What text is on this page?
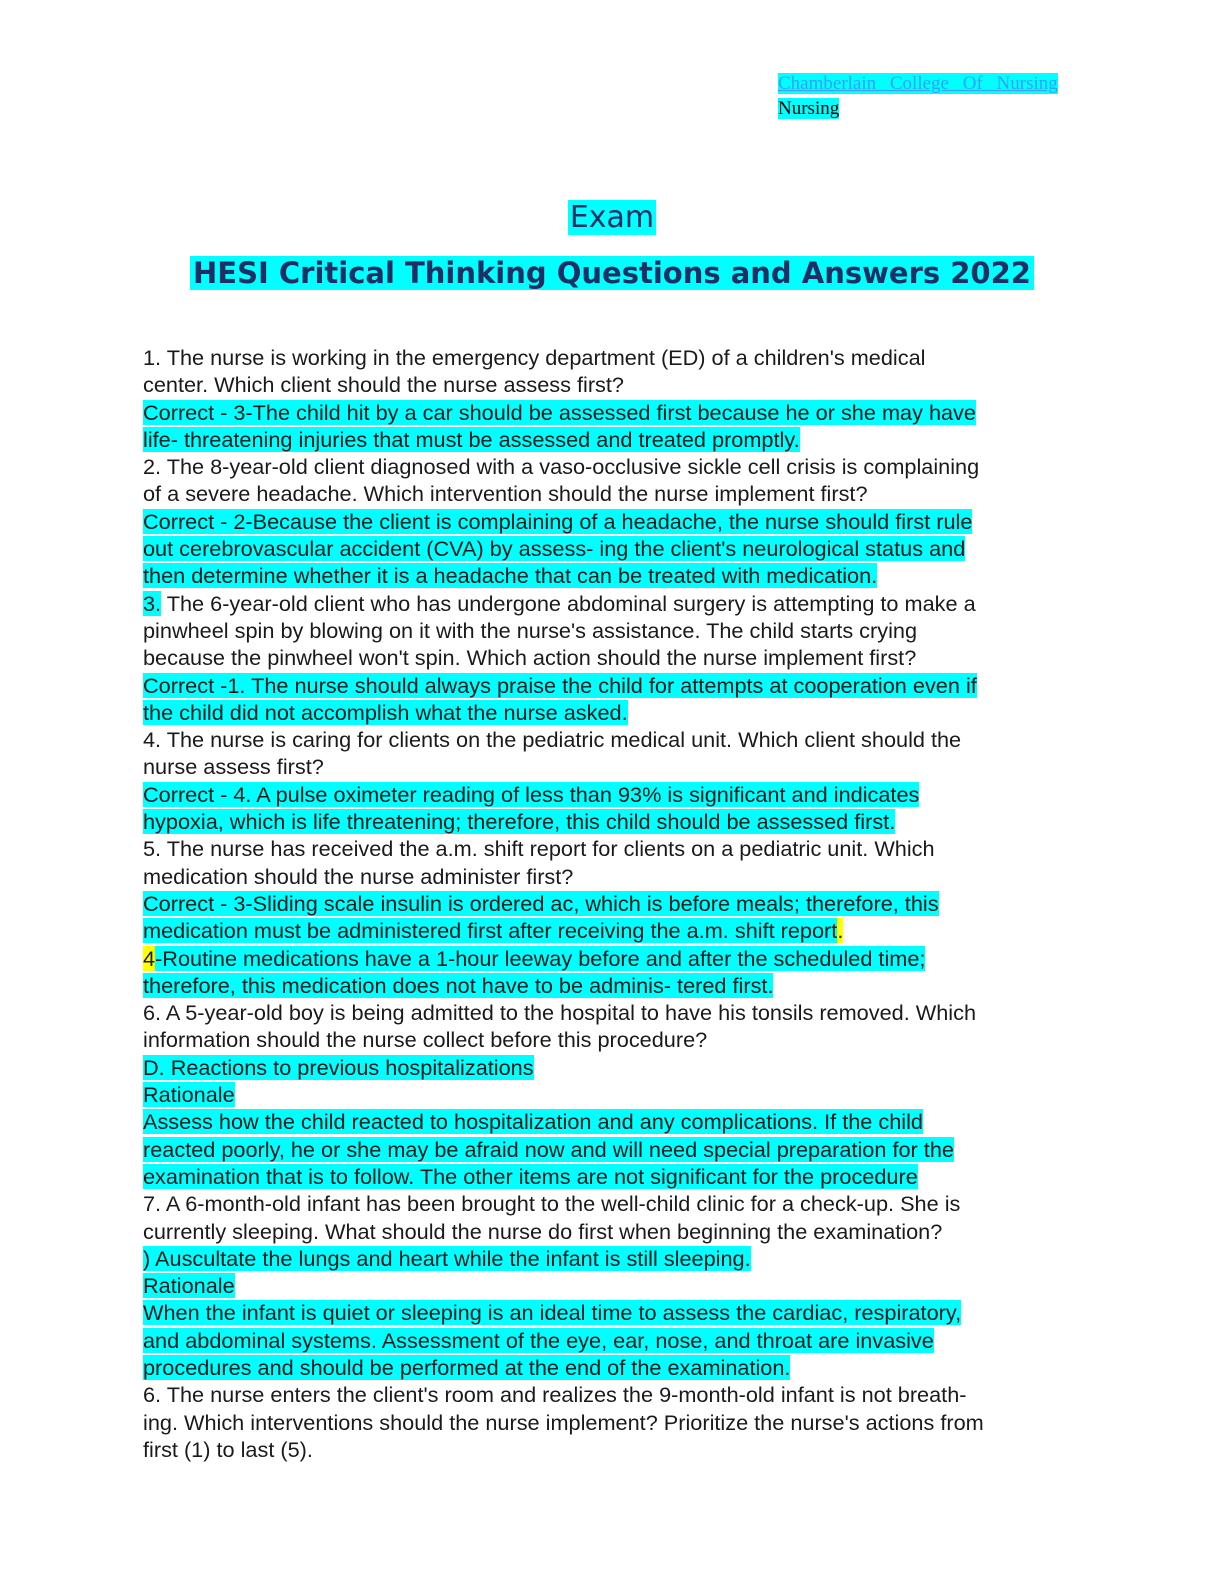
Chamberlain College Of Nursing
Nursing
Exam
HESI Critical Thinking Questions and Answers 2022
1. The nurse is working in the emergency department (ED) of a children's medical
center. Which client should the nurse assess first?
Correct - 3-The child hit by a car should be assessed first because he or she may have
life- threatening injuries that must be assessed and treated promptly.
2. The 8-year-old client diagnosed with a vaso-occlusive sickle cell crisis is complaining
of a severe headache. Which intervention should the nurse implement first?
Correct - 2-Because the client is complaining of a headache, the nurse should first rule
out cerebrovascular accident (CVA) by assess- ing the client's neurological status and
then determine whether it is a headache that can be treated with medication.
3. The 6-year-old client who has undergone abdominal surgery is attempting to make a
pinwheel spin by blowing on it with the nurse's assistance. The child starts crying
because the pinwheel won't spin. Which action should the nurse implement first?
Correct -1. The nurse should always praise the child for attempts at cooperation even if
the child did not accomplish what the nurse asked.
4. The nurse is caring for clients on the pediatric medical unit. Which client should the
nurse assess first?
Correct - 4. A pulse oximeter reading of less than 93% is significant and indicates
hypoxia, which is life threatening; therefore, this child should be assessed first.
5. The nurse has received the a.m. shift report for clients on a pediatric unit. Which
medication should the nurse administer first?
Correct - 3-Sliding scale insulin is ordered ac, which is before meals; therefore, this
medication must be administered first after receiving the a.m. shift report.
4-Routine medications have a 1-hour leeway before and after the scheduled time;
therefore, this medication does not have to be adminis- tered first.
6. A 5-year-old boy is being admitted to the hospital to have his tonsils removed. Which
information should the nurse collect before this procedure?
D. Reactions to previous hospitalizations
Rationale
Assess how the child reacted to hospitalization and any complications. If the child
reacted poorly, he or she may be afraid now and will need special preparation for the
examination that is to follow. The other items are not significant for the procedure
7. A 6-month-old infant has been brought to the well-child clinic for a check-up. She is
currently sleeping. What should the nurse do first when beginning the examination?
) Auscultate the lungs and heart while the infant is still sleeping.
Rationale
When the infant is quiet or sleeping is an ideal time to assess the cardiac, respiratory,
and abdominal systems. Assessment of the eye, ear, nose, and throat are invasive
procedures and should be performed at the end of the examination.
6. The nurse enters the client's room and realizes the 9-month-old infant is not breath-
ing. Which interventions should the nurse implement? Prioritize the nurse's actions from
first (1) to last (5).
